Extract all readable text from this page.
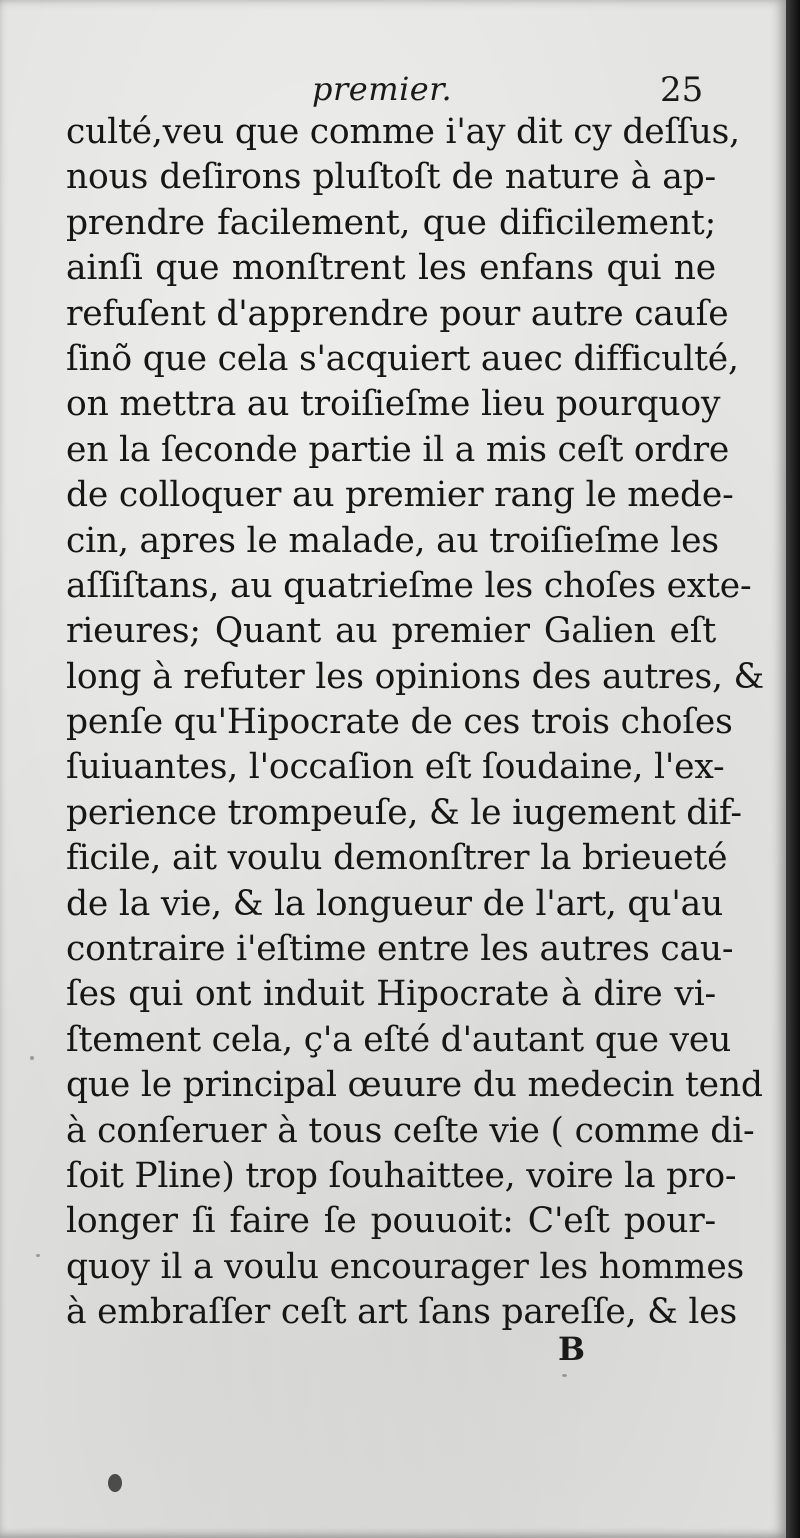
premier.	25
culté,veu que comme i'ay dit cy deſſus,
nous deſirons pluſtoſt de nature à ap-
prendre facilement, que dificilement;
ainſi que monſtrent les enfans qui ne
refuſent d'apprendre pour autre cauſe
ſinõ que cela s'acquiert auec difficulté,
on mettra au troiſieſme lieu pourquoy
en la ſeconde partie il a mis ceſt ordre
de colloquer au premier rang le mede-
cin, apres le malade, au troiſieſme les
aſſiſtans, au quatrieſme les choſes exte-
rieures; Quant au premier Galien eſt
long à refuter les opinions des autres, &
penſe qu'Hipocrate de ces trois choſes
ſuiuantes, l'occaſion eſt ſoudaine, l'ex-
perience trompeuſe, & le iugement dif-
ficile, ait voulu demonſtrer la brieueté
de la vie, & la longueur de l'art, qu'au
contraire i'eſtime entre les autres cau-
ſes qui ont induit Hipocrate à dire vi-
ſtement cela, ç'a eſté d'autant que veu
que le principal œuure du medecin tend
à conſeruer à tous ceſte vie ( comme di-
ſoit Pline) trop ſouhaittee, voire la pro-
longer ſi faire ſe pouuoit: C'eſt pour-
quoy il a voulu encourager les hommes
à embraſſer ceſt art ſans pareſſe, & les
B
